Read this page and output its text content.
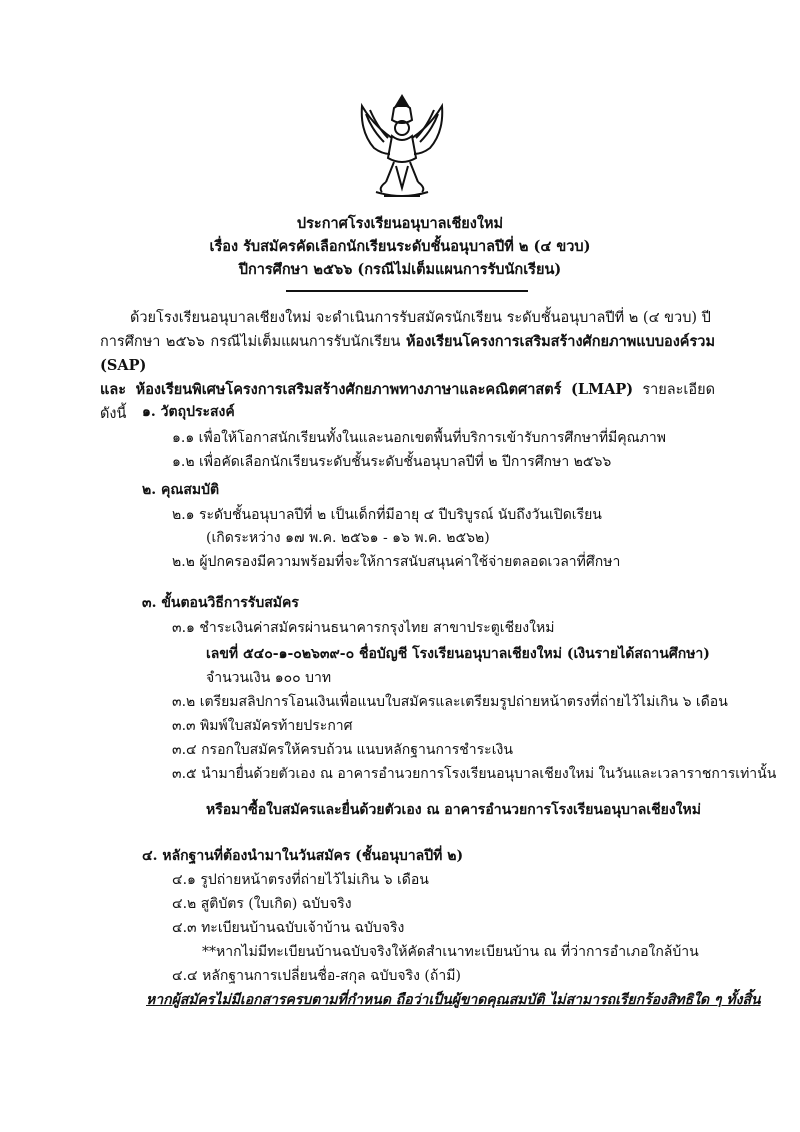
ประกาศโรงเรียนอนุบาลเชียงใหม่
เรื่อง รับสมัครคัดเลือกนักเรียนระดับชั้นอนุบาลปีที่ ๒ (๔ ขวบ)
ปีการศึกษา ๒๕๖๖ (กรณีไม่เต็มแผนการรับนักเรียน)
ด้วยโรงเรียนอนุบาลเชียงใหม่ จะดำเนินการรับสมัครนักเรียน ระดับชั้นอนุบาลปีที่ ๒ (๔ ขวบ) ปี
การศึกษา ๒๕๖๖ กรณีไม่เต็มแผนการรับนักเรียน ห้องเรียนโครงการเสริมสร้างศักยภาพแบบองค์รวม (SAP)
และ ห้องเรียนพิเศษโครงการเสริมสร้างศักยภาพทางภาษาและคณิตศาสตร์ (LMAP) รายละเอียดดังนี้	๑. วัตถุประสงค์
๑.๑ เพื่อให้โอกาสนักเรียนทั้งในและนอกเขตพื้นที่บริการเข้ารับการศึกษาที่มีคุณภาพ
๑.๒ เพื่อคัดเลือกนักเรียนระดับชั้นระดับชั้นอนุบาลปีที่ ๒ ปีการศึกษา ๒๕๖๖
๒. คุณสมบัติ
๒.๑ ระดับชั้นอนุบาลปีที่ ๒ เป็นเด็กที่มีอายุ ๔ ปีบริบูรณ์ นับถึงวันเปิดเรียน
(เกิดระหว่าง ๑๗ พ.ค. ๒๕๖๑ - ๑๖ พ.ค. ๒๕๖๒)
๒.๒ ผู้ปกครองมีความพร้อมที่จะให้การสนับสนุนค่าใช้จ่ายตลอดเวลาที่ศึกษา
๓. ขั้นตอนวิธีการรับสมัคร
๓.๑ ชำระเงินค่าสมัครผ่านธนาคารกรุงไทย สาขาประตูเชียงใหม่
เลขที่ ๕๔๐-๑-๐๒๖๓๙-๐ ชื่อบัญชี โรงเรียนอนุบาลเชียงใหม่ (เงินรายได้สถานศึกษา)
จำนวนเงิน ๑๐๐ บาท
๓.๒ เตรียมสลิปการโอนเงินเพื่อแนบใบสมัครและเตรียมรูปถ่ายหน้าตรงที่ถ่ายไว้ไม่เกิน ๖ เดือน
๓.๓ พิมพ์ใบสมัครท้ายประกาศ
๓.๔ กรอกใบสมัครให้ครบถ้วน แนบหลักฐานการชำระเงิน
๓.๕ นำมายื่นด้วยตัวเอง ณ อาคารอำนวยการโรงเรียนอนุบาลเชียงใหม่ ในวันและเวลาราชการเท่านั้น
หรือมาซื้อใบสมัครและยื่นด้วยตัวเอง ณ อาคารอำนวยการโรงเรียนอนุบาลเชียงใหม่
๔. หลักฐานที่ต้องนำมาในวันสมัคร (ชั้นอนุบาลปีที่ ๒)
๔.๑ รูปถ่ายหน้าตรงที่ถ่ายไว้ไม่เกิน ๖ เดือน
๔.๒ สูติบัตร (ใบเกิด) ฉบับจริง
๔.๓ ทะเบียนบ้านฉบับเจ้าบ้าน ฉบับจริง
**หากไม่มีทะเบียนบ้านฉบับจริงให้คัดสำเนาทะเบียนบ้าน ณ ที่ว่าการอำเภอใกล้บ้าน
๔.๔ หลักฐานการเปลี่ยนชื่อ-สกุล ฉบับจริง (ถ้ามี)
หากผู้สมัครไม่มีเอกสารครบตามที่กำหนด ถือว่าเป็นผู้ขาดคุณสมบัติ ไม่สามารถเรียกร้องสิทธิใด ๆ ทั้งสิ้น
